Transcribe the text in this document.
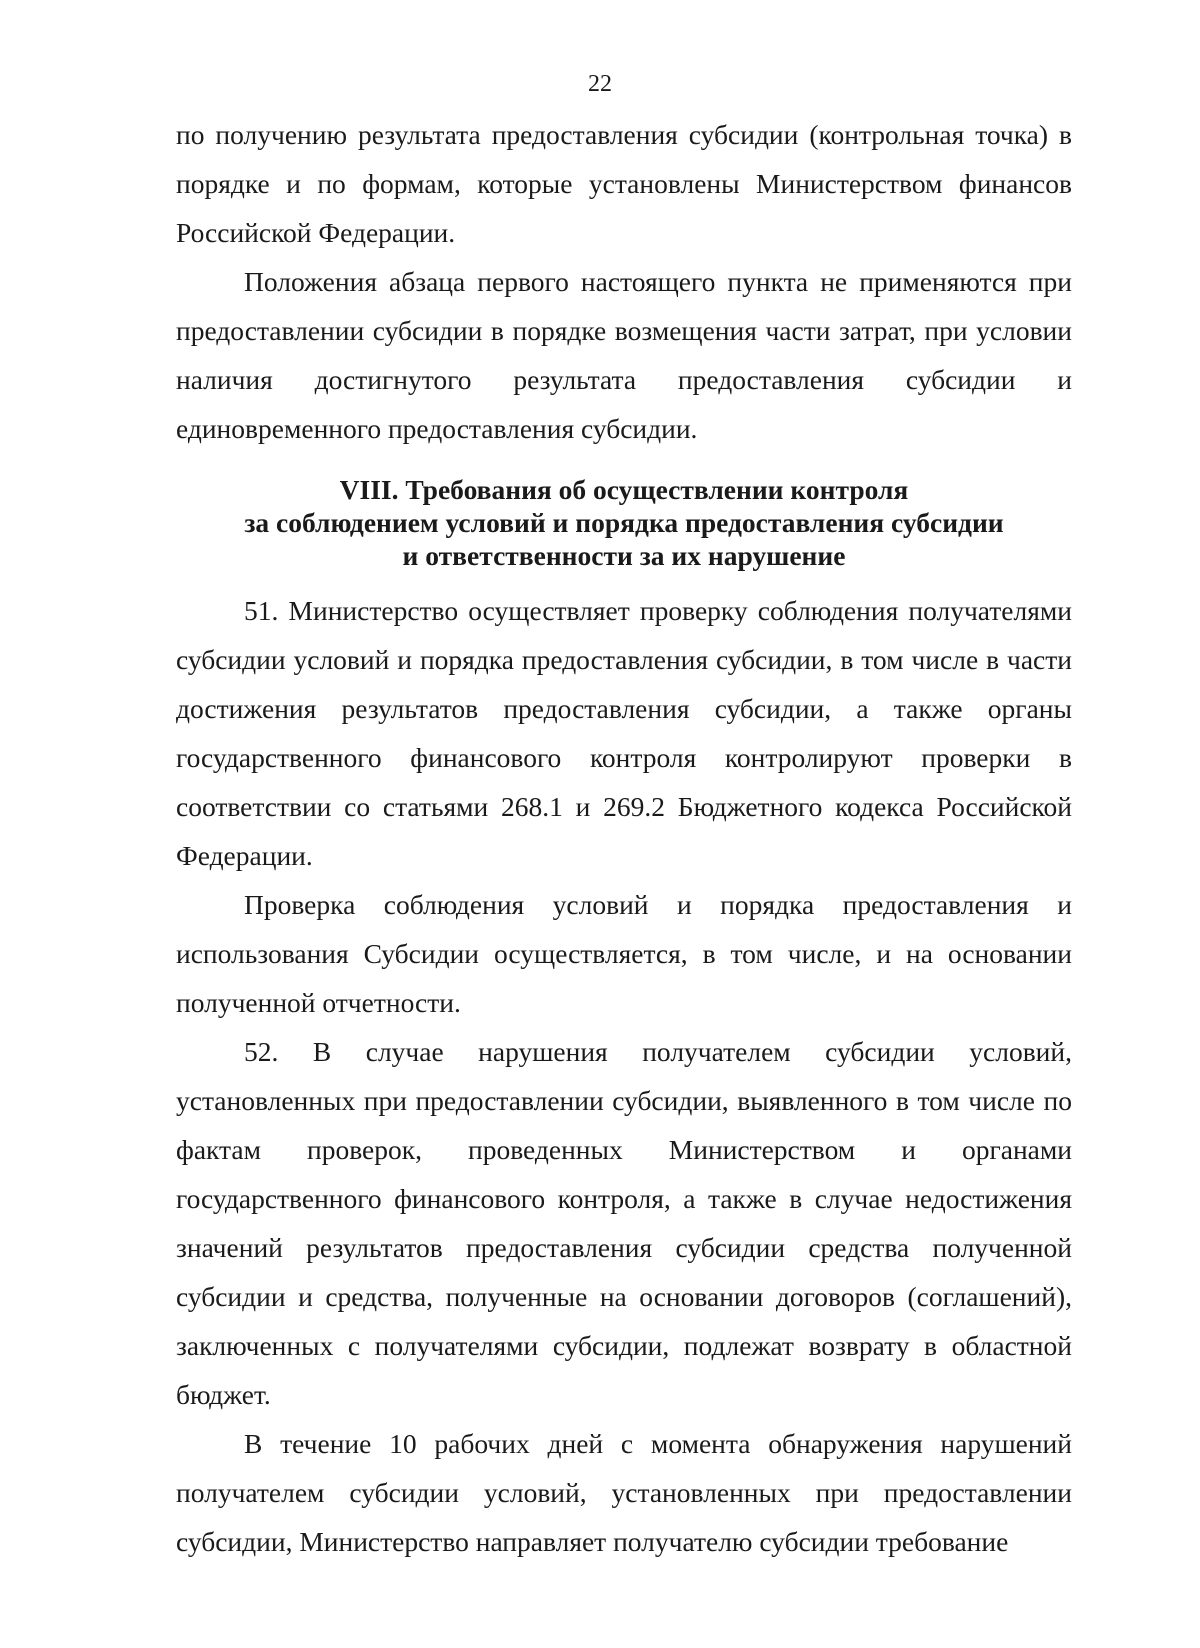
22

по получению результата предоставления субсидии (контрольная точка) в порядке и по формам, которые установлены Министерством финансов Российской Федерации.

Положения абзаца первого настоящего пункта не применяются при предоставлении субсидии в порядке возмещения части затрат, при условии наличия достигнутого результата предоставления субсидии и единовременного предоставления субсидии.

VIII. Требования об осуществлении контроля
за соблюдением условий и порядка предоставления субсидии
и ответственности за их нарушение

51. Министерство осуществляет проверку соблюдения получателями субсидии условий и порядка предоставления субсидии, в том числе в части достижения результатов предоставления субсидии, а также органы государственного финансового контроля контролируют проверки в соответствии со статьями 268.1 и 269.2 Бюджетного кодекса Российской Федерации.

Проверка соблюдения условий и порядка предоставления и использования Субсидии осуществляется, в том числе, и на основании полученной отчетности.

52. В случае нарушения получателем субсидии условий, установленных при предоставлении субсидии, выявленного в том числе по фактам проверок, проведенных Министерством и органами государственного финансового контроля, а также в случае недостижения значений результатов предоставления субсидии средства полученной субсидии и средства, полученные на основании договоров (соглашений), заключенных с получателями субсидии, подлежат возврату в областной бюджет.

В течение 10 рабочих дней с момента обнаружения нарушений получателем субсидии условий, установленных при предоставлении субсидии, Министерство направляет получателю субсидии требование
